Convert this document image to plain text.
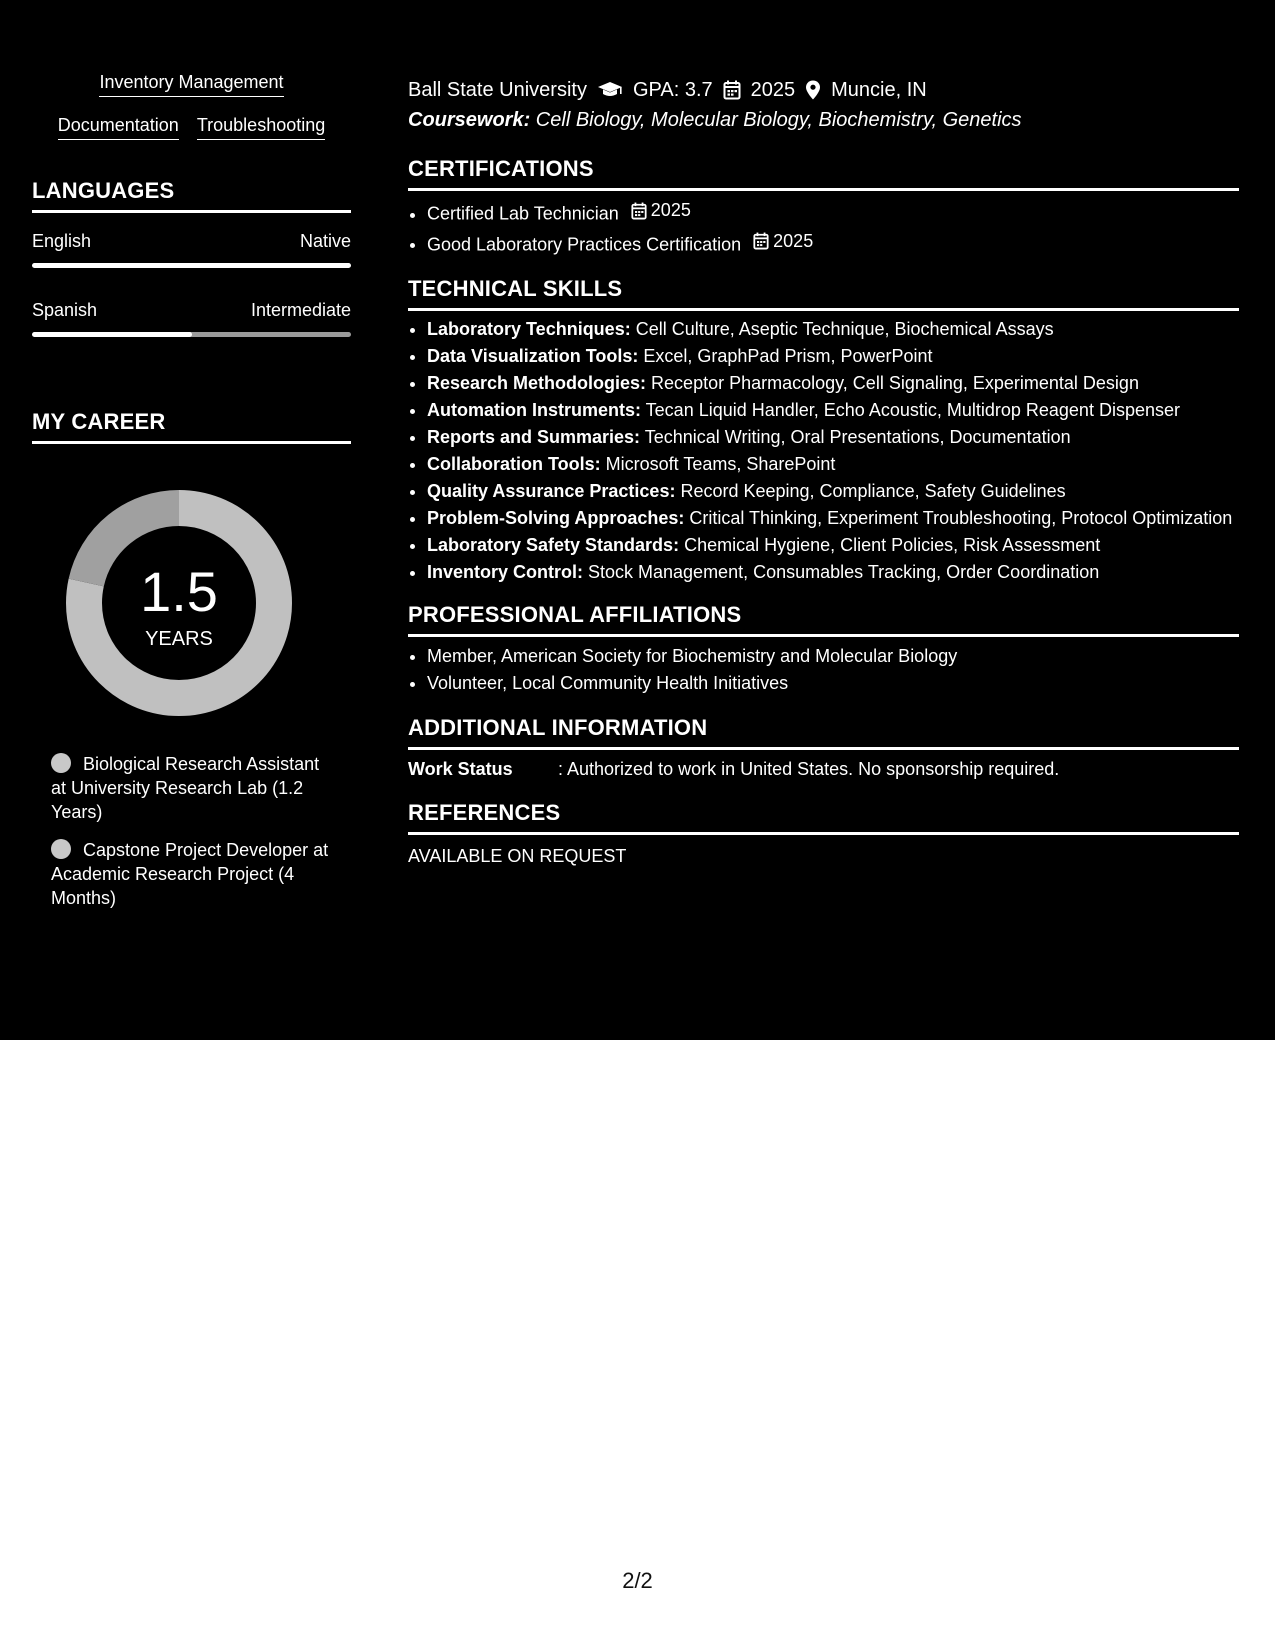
Inventory Management
Documentation Troubleshooting
LANGUAGES
English	Native
Spanish	Intermediate
MY CAREER
1.5
YEARS
Biological Research Assistant at University Research Lab (1.2 Years)
Capstone Project Developer at Academic Research Project (4 Months)
Ball State University GPA: 3.7 2025 Muncie, IN
Coursework: Cell Biology, Molecular Biology, Biochemistry, Genetics
CERTIFICATIONS
• Certified Lab Technician 2025
• Good Laboratory Practices Certification 2025
TECHNICAL SKILLS
• Laboratory Techniques: Cell Culture, Aseptic Technique, Biochemical Assays
• Data Visualization Tools: Excel, GraphPad Prism, PowerPoint
• Research Methodologies: Receptor Pharmacology, Cell Signaling, Experimental Design
• Automation Instruments: Tecan Liquid Handler, Echo Acoustic, Multidrop Reagent Dispenser
• Reports and Summaries: Technical Writing, Oral Presentations, Documentation
• Collaboration Tools: Microsoft Teams, SharePoint
• Quality Assurance Practices: Record Keeping, Compliance, Safety Guidelines
• Problem-Solving Approaches: Critical Thinking, Experiment Troubleshooting, Protocol Optimization
• Laboratory Safety Standards: Chemical Hygiene, Client Policies, Risk Assessment
• Inventory Control: Stock Management, Consumables Tracking, Order Coordination
PROFESSIONAL AFFILIATIONS
• Member, American Society for Biochemistry and Molecular Biology
• Volunteer, Local Community Health Initiatives
ADDITIONAL INFORMATION
Work Status	: Authorized to work in United States. No sponsorship required.
REFERENCES
AVAILABLE ON REQUEST
2/2
